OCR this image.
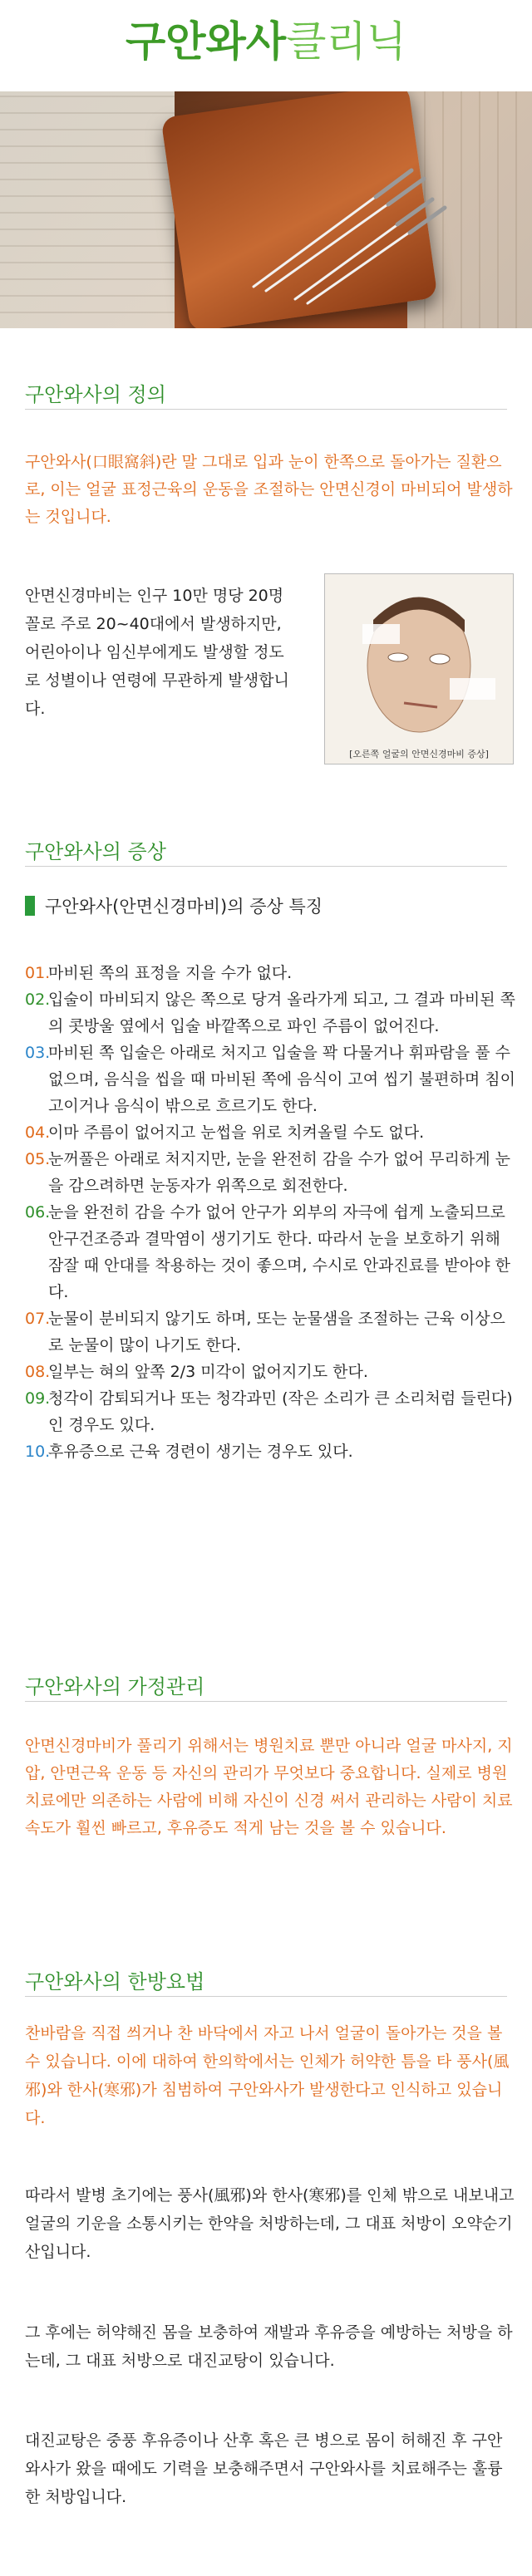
구안와사클리닉
구안와사의 정의
구안와사(口眼窩斜)란 말 그대로 입과 눈이 한쪽으로 돌아가는 질환으로, 이는 얼굴 표정근육의 운동을 조절하는 안면신경이 마비되어 발생하는 것입니다.
안면신경마비는 인구 10만 명당 20명 꼴로 주로 20~40대에서 발생하지만, 어린아이나 임신부에게도 발생할 정도로 성별이나 연령에 무관하게 발생합니다.
[오른쪽 얼굴의 안면신경마비 증상]
구안와사의 증상
구안와사(안면신경마비)의 증상 특징
01.
마비된 쪽의 표정을 지을 수가 없다.
02.
입술이 마비되지 않은 쪽으로 당겨 올라가게 되고, 그 결과 마비된 쪽의 콧방울 옆에서 입술 바깥쪽으로 파인 주름이 없어진다.
03.
마비된 쪽 입술은 아래로 처지고 입술을 꽉 다물거나 휘파람을 풀 수 없으며, 음식을 씹을 때 마비된 쪽에 음식이 고여 씹기 불편하며 침이 고이거나 음식이 밖으로 흐르기도 한다.
04.
이마 주름이 없어지고 눈썹을 위로 치켜올릴 수도 없다.
05.
눈꺼풀은 아래로 처지지만, 눈을 완전히 감을 수가 없어 무리하게 눈을 감으려하면 눈동자가 위쪽으로 회전한다.
06.
눈을 완전히 감을 수가 없어 안구가 외부의 자극에 쉽게 노출되므로 안구건조증과 결막염이 생기기도 한다. 따라서 눈을 보호하기 위해 잠잘 때 안대를 착용하는 것이 좋으며, 수시로 안과진료를 받아야 한다.
07.
눈물이 분비되지 않기도 하며, 또는 눈물샘을 조절하는 근육 이상으로 눈물이 많이 나기도 한다.
08.
일부는 혀의 앞쪽 2/3 미각이 없어지기도 한다.
09.
청각이 감퇴되거나 또는 청각과민 (작은 소리가 큰 소리처럼 들린다)인 경우도 있다.
10.
후유증으로 근육 경련이 생기는 경우도 있다.
구안와사의 가정관리
안면신경마비가 풀리기 위해서는 병원치료 뿐만 아니라 얼굴 마사지, 지압, 안면근육 운동 등 자신의 관리가 무엇보다 중요합니다. 실제로 병원치료에만 의존하는 사람에 비해 자신이 신경 써서 관리하는 사람이 치료 속도가 훨씬 빠르고, 후유증도 적게 남는 것을 볼 수 있습니다.
구안와사의 한방요법
찬바람을 직접 씌거나 찬 바닥에서 자고 나서 얼굴이 돌아가는 것을 볼 수 있습니다. 이에 대하여 한의학에서는 인체가 허약한 틈을 타 풍사(風邪)와 한사(寒邪)가 침범하여 구안와사가 발생한다고 인식하고 있습니다.
따라서 발병 초기에는 풍사(風邪)와 한사(寒邪)를 인체 밖으로 내보내고 얼굴의 기운을 소통시키는 한약을 처방하는데, 그 대표 처방이 오약순기산입니다.
그 후에는 허약해진 몸을 보충하여 재발과 후유증을 예방하는 처방을 하는데, 그 대표 처방으로 대진교탕이 있습니다.
대진교탕은 중풍 후유증이나 산후 혹은 큰 병으로 몸이 허해진 후 구안와사가 왔을 때에도 기력을 보충해주면서 구안와사를 치료해주는 훌륭한 처방입니다.
